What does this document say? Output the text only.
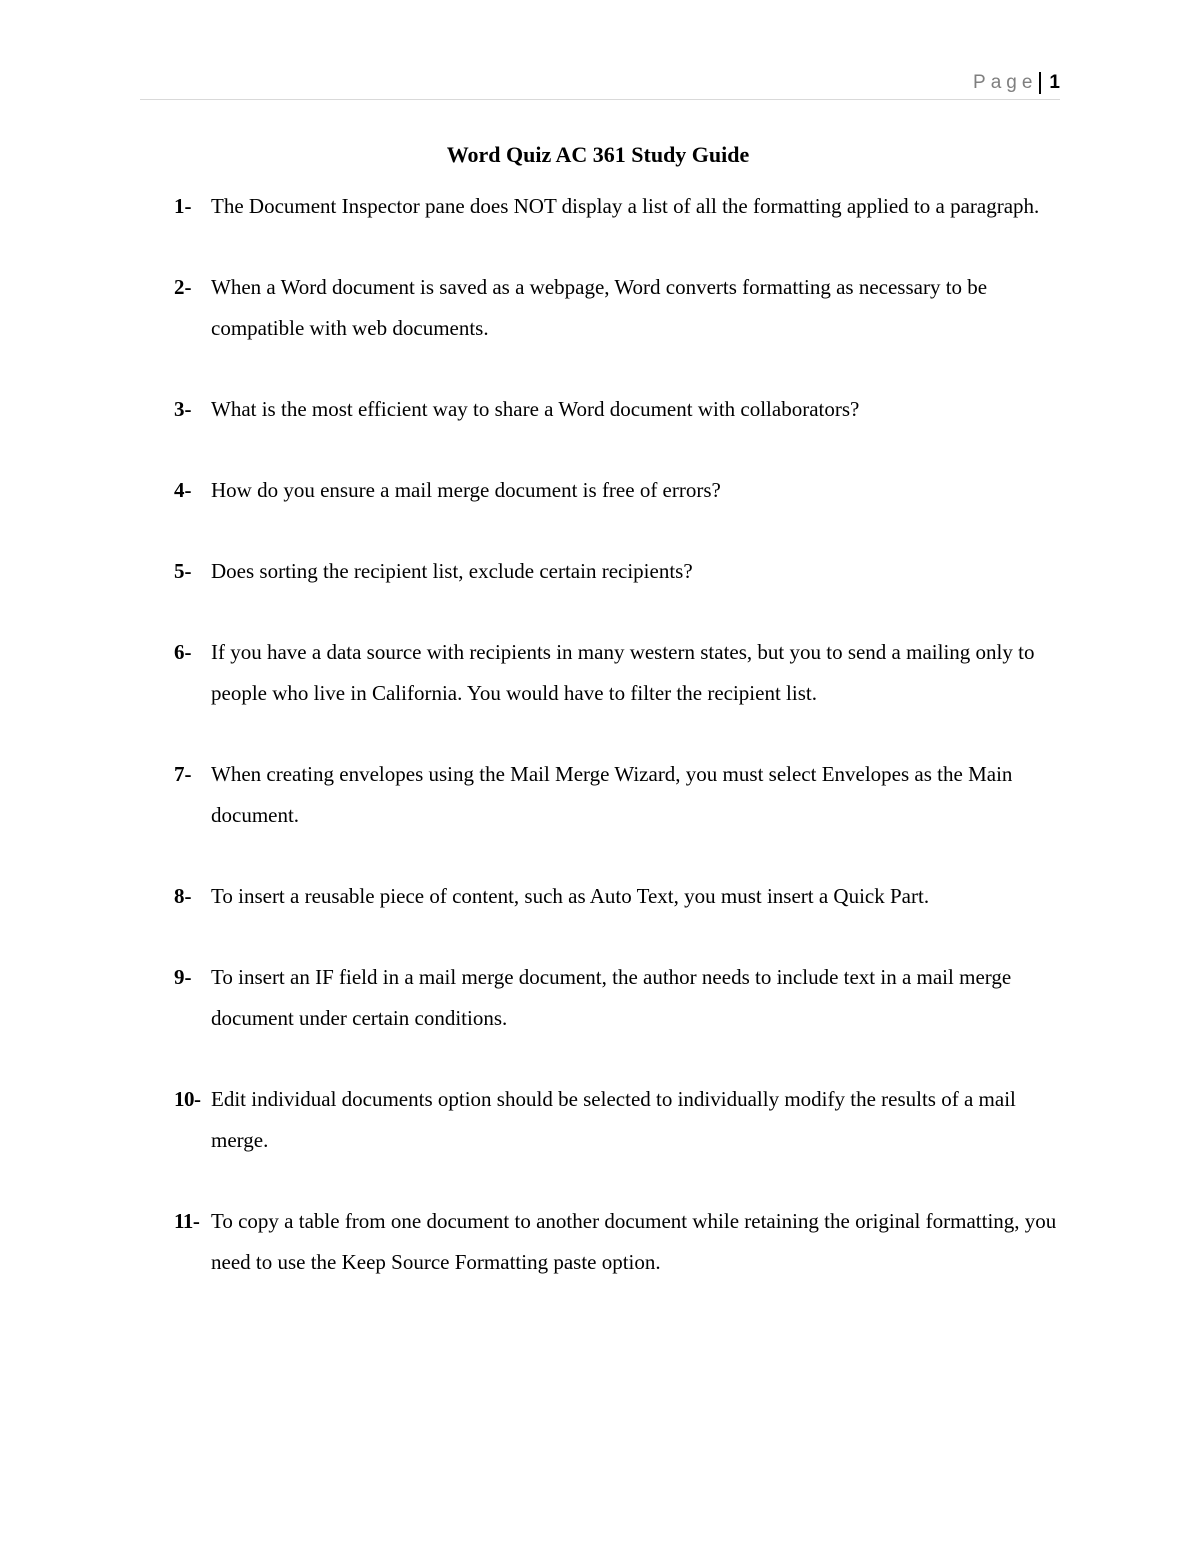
Page 1
Word Quiz AC 361 Study Guide
1- The Document Inspector pane does NOT display a list of all the formatting applied to a paragraph.
2- When a Word document is saved as a webpage, Word converts formatting as necessary to be compatible with web documents.
3- What is the most efficient way to share a Word document with collaborators?
4- How do you ensure a mail merge document is free of errors?
5- Does sorting the recipient list, exclude certain recipients?
6- If you have a data source with recipients in many western states, but you to send a mailing only to people who live in California. You would have to filter the recipient list.
7- When creating envelopes using the Mail Merge Wizard, you must select Envelopes as the Main document.
8- To insert a reusable piece of content, such as Auto Text, you must insert a Quick Part.
9- To insert an IF field in a mail merge document, the author needs to include text in a mail merge document under certain conditions.
10- Edit individual documents option should be selected to individually modify the results of a mail merge.
11- To copy a table from one document to another document while retaining the original formatting, you need to use the Keep Source Formatting paste option.
